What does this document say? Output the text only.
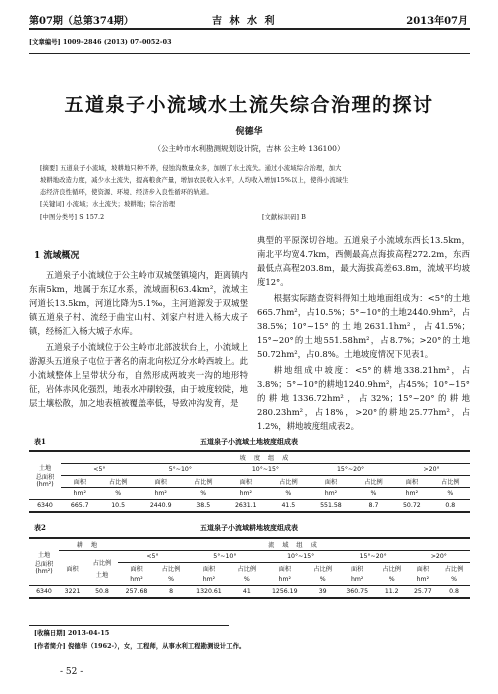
第07期（总第374期）	吉 林 水 利	2013年07月
[文章编号] 1009-2846 (2013) 07-0052-03
五道泉子小流域水土流失综合治理的探讨
倪德华
（公主岭市水利勘测规划设计院，吉林 公主岭 136100）
[摘要] 五道泉子小流域，坡耕地只种不养，侵蚀沟数量众多，加剧了水土流失。通过小流域综合治理，加大
坡耕地改造力度，减少水土流失，提高粮食产量，增加农民收入水平，人均收入增加15%以上，使得小流域生
态经济良性循环，使资源、环境、经济步入良性循环的轨道。
[关键词] 小流域；水土流失；坡耕地；综合治理
[中图分类号] S 157.2	[文献标识码] B
1 流域概况
五道泉子小流域位于公主岭市双城堡镇境内，距离镇内东南5km，地属于东辽水系，流域面积63.4km²，流域主河道长13.5km，河道比降为5.1‰，主河道源发于双城堡镇五道泉子村、流经于曲宝山村、刘家户村进入杨大成子镇，经杨汇入杨大城子水库。
五道泉子小流域位于公主岭市北部波状台上，小流域上游源头五道泉子屯位于著名的南北向松辽分水岭西坡上。此小流域整体上呈带状分布，自然形成两坡夹一沟的地形特征，岩体赤风化强烈，地表水冲刷较强，由于坡度较陡，地层土壤松散，加之地表植被覆盖率低，导致冲沟发育，是
典型的平原深切谷地。五道泉子小流域东西长13.5km，南北平均宽4.7km，西侧最高点海拔高程272.2m，东西最低点高程203.8m，最大海拔高差63.8m，流域平均坡度12°。
根据实际踏查资料得知土地地面组成为：<5°的土地665.7hm²，占10.5%；5°~10°的土地2440.9hm²，占38.5%；10°~15°的土地2631.1hm²，占41.5%；15°~20°的土地551.58hm²，占8.7%；>20°的土地50.72hm²，占0.8%。土地坡度情况下见表1。
耕地组成中坡度：<5°的耕地338.21hm²，占3.8%；5°~10°的耕地1240.9hm²，占45%；10°~15°的耕地1336.72hm²，占32%；15°~20°的耕地280.23hm²，占18%，>20°的耕地25.77hm²，占1.2%，耕地坡度组成表2。
表1	五道泉子小流域土地坡度组成表
土地
总面积
(hm²)	坡 度 组 成									
	<5°		5°~10°		10°~15°		15°~20°		>20°	
	面积	占比例	面积	占比例	面积	占比例	面积	占比例	面积	占比例
	hm²	%	hm²	%	hm²	%	hm²	%	hm²	%
6340	665.7	10.5	2440.9	38.5	2631.1	41.5	551.58	8.7	50.72	0.8
表2	五道泉子小流域耕地坡度组成表
土地
总面积
(hm²)	耕 地		流 域 组 成									
	面积	占比例
土地	<5°		5°~10°		10°~15°		15°~20°		>20°	
			面积	占比例	面积	占比例	面积	占比例	面积	占比例	面积	占比例
			hm²	%	hm²	%	hm²	%	hm²	%	hm²	%
6340	3221	50.8	257.68	8	1320.61	41	1256.19	39	360.75	11.2	25.77	0.8
[收稿日期] 2013-04-15
[作者简介] 倪德华（1962-），女，工程师，从事水利工程勘测设计工作。
- 52 -
